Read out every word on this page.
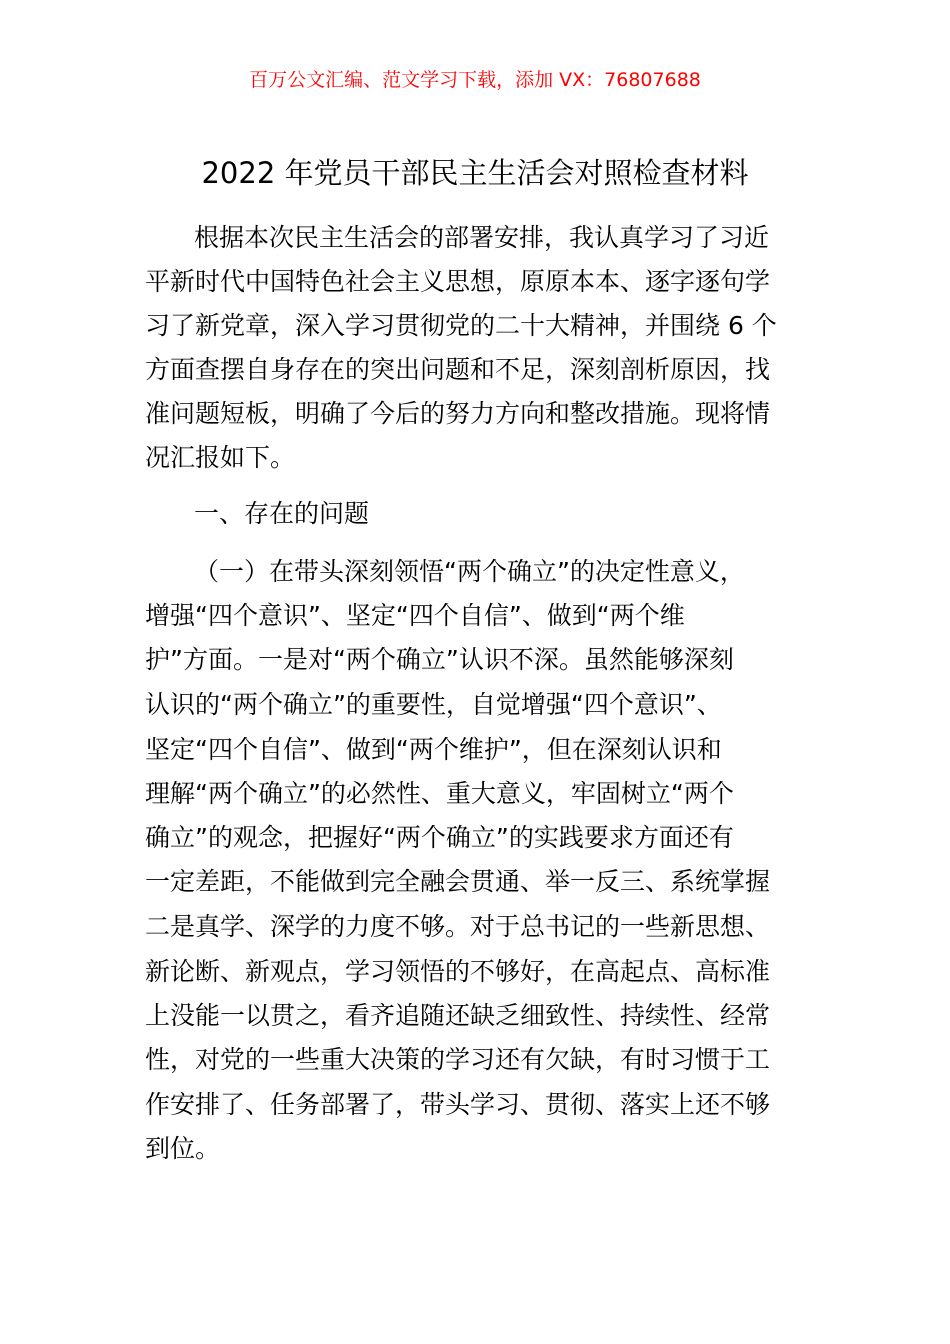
百万公文汇编、范文学习下载，添加 VX：76807688
2022 年党员干部民主生活会对照检查材料
根据本次民主生活会的部署安排，我认真学习了习近
平新时代中国特色社会主义思想，原原本本、逐字逐句学
习了新党章，深入学习贯彻党的二十大精神，并围绕 6 个
方面查摆自身存在的突出问题和不足，深刻剖析原因，找
准问题短板，明确了今后的努力方向和整改措施。现将情
况汇报如下。
一、存在的问题
（一）在带头深刻领悟“两个确立”的决定性意义，
增强“四个意识”、坚定“四个自信”、做到“两个维
护”方面。一是对“两个确立”认识不深。虽然能够深刻
认识的“两个确立”的重要性，自觉增强“四个意识”、
坚定“四个自信”、做到“两个维护”，但在深刻认识和
理解“两个确立”的必然性、重大意义，牢固树立“两个
确立”的观念，把握好“两个确立”的实践要求方面还有
一定差距，不能做到完全融会贯通、举一反三、系统掌握
二是真学、深学的力度不够。对于总书记的一些新思想、
新论断、新观点，学习领悟的不够好，在高起点、高标准
上没能一以贯之，看齐追随还缺乏细致性、持续性、经常
性，对党的一些重大决策的学习还有欠缺，有时习惯于工
作安排了、任务部署了，带头学习、贯彻、落实上还不够
到位。
